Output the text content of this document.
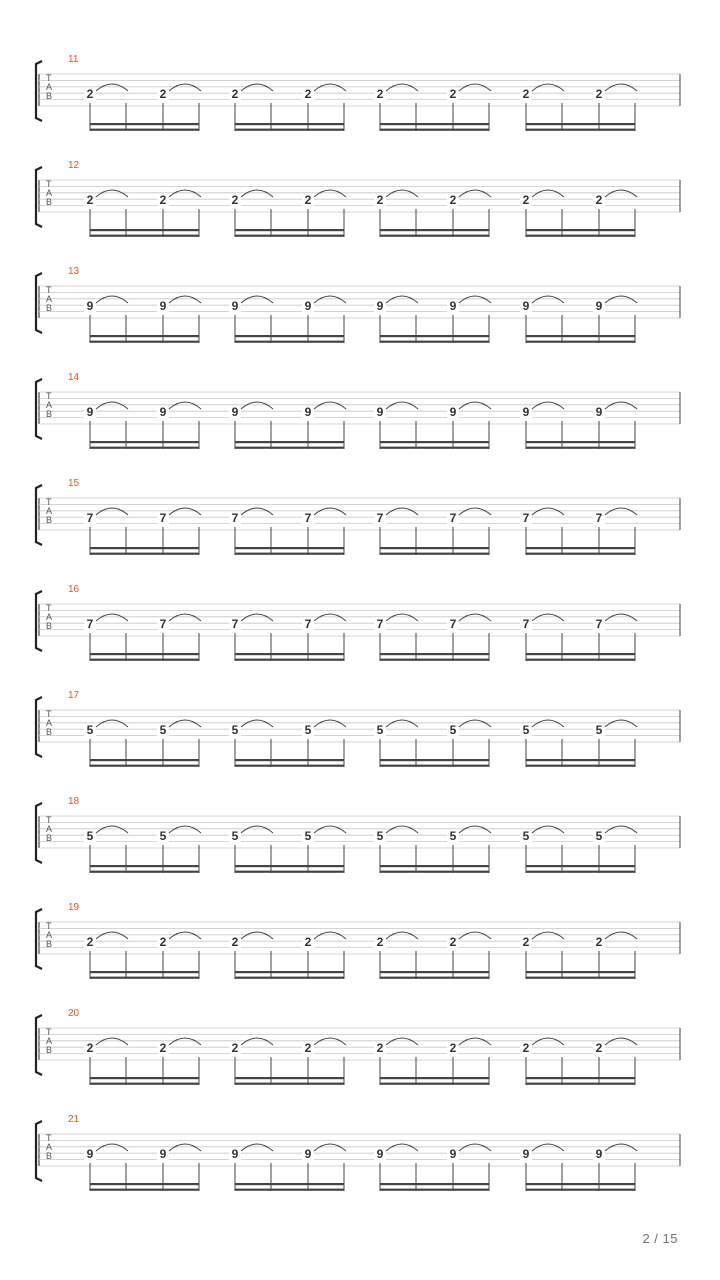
11
T
A
B	2	2	2	2	2	2	2	2
12
T
A
B	2	2	2	2	2	2	2	2
13
T
A
B	9	9	9	9	9	9	9	9
14
T
A
B	9	9	9	9	9	9	9	9
15
T
A
B	7	7	7	7	7	7	7	7
16
T
A
B	7	7	7	7	7	7	7	7
17
T
A
B	5	5	5	5	5	5	5	5
18
T
A
B	5	5	5	5	5	5	5	5
19
T
A
B	2	2	2	2	2	2	2	2
20
T
A
B	2	2	2	2	2	2	2	2
21
T
A
B	9	9	9	9	9	9	9	9
2 / 15
